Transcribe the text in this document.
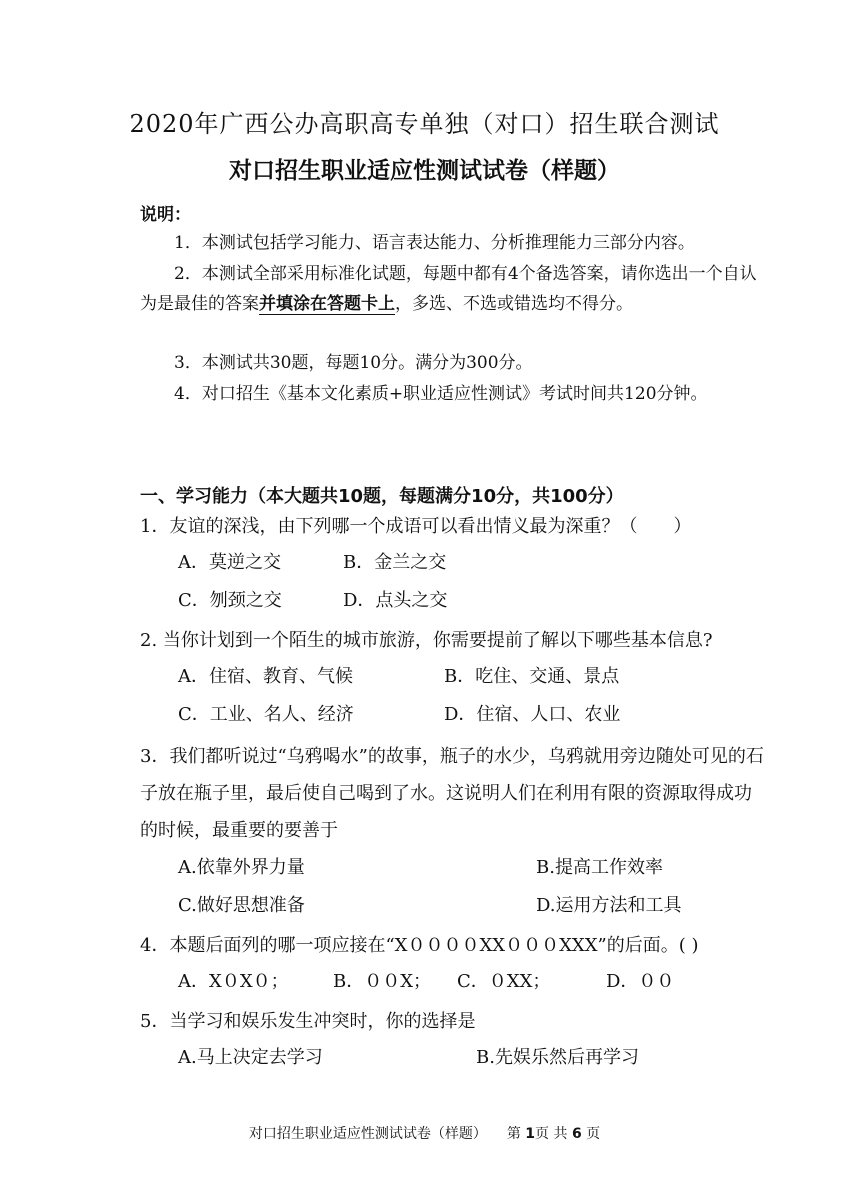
2020年广西公办高职高专单独（对口）招生联合测试
对口招生职业适应性测试试卷（样题）
说明：
1．本测试包括学习能力、语言表达能力、分析推理能力三部分内容。
2．本测试全部采用标准化试题，每题中都有4个备选答案，请你选出一个自认为是最佳的答案并填涂在答题卡上，多选、不选或错选均不得分。
3．本测试共30题，每题10分。满分为300分。
4．对口招生《基本文化素质+职业适应性测试》考试时间共120分钟。
一、学习能力（本大题共10题，每题满分10分，共100分）
1．友谊的深浅，由下列哪一个成语可以看出情义最为深重？（　　）
A．莫逆之交	B．金兰之交
C．刎颈之交	D．点头之交
2. 当你计划到一个陌生的城市旅游，你需要提前了解以下哪些基本信息?
A．住宿、教育、气候	B．吃住、交通、景点
C．工业、名人、经济	D．住宿、人口、农业
3．我们都听说过“乌鸦喝水”的故事，瓶子的水少，乌鸦就用旁边随处可见的石子放在瓶子里，最后使自己喝到了水。这说明人们在利用有限的资源取得成功的时候，最重要的要善于
A.依靠外界力量	B.提高工作效率
C.做好思想准备	D.运用方法和工具
4．本题后面列的哪一项应接在“X００００XX０００XXX”的后面。( )
A．X０X０； B．００X； C．０XX；	D．００
5．当学习和娱乐发生冲突时，你的选择是
A.马上决定去学习	B.先娱乐然后再学习
对口招生职业适应性测试试卷（样题） 第 1页 共 6 页
